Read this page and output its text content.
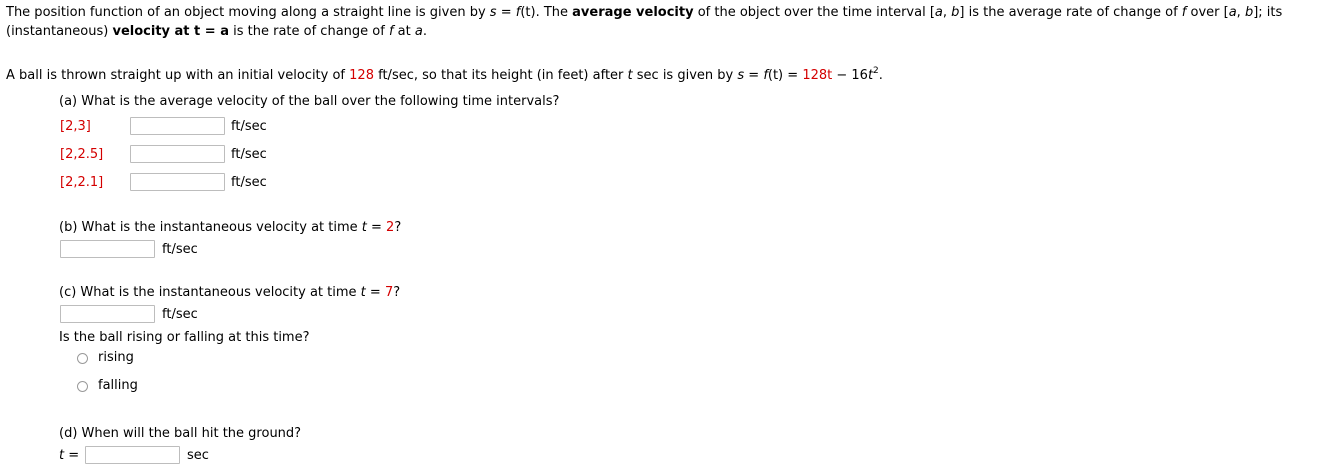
The position function of an object moving along a straight line is given by s = f(t). The average velocity of the object over the time interval [a, b] is the average rate of change of f over [a, b]; its
(instantaneous) velocity at t = a is the rate of change of f at a.
A ball is thrown straight up with an initial velocity of 128 ft/sec, so that its height (in feet) after t sec is given by $s = f(t) = 128t - 16t^2$.
(a) What is the average velocity of the ball over the following time intervals?
[2,3]	ft/sec
[2,2.5]	ft/sec
[2,2.1]	ft/sec
(b) What is the instantaneous velocity at time t = 2?
ft/sec
(c) What is the instantaneous velocity at time t = 7?
ft/sec
Is the ball rising or falling at this time?
rising
falling
(d) When will the ball hit the ground?
t =	sec
